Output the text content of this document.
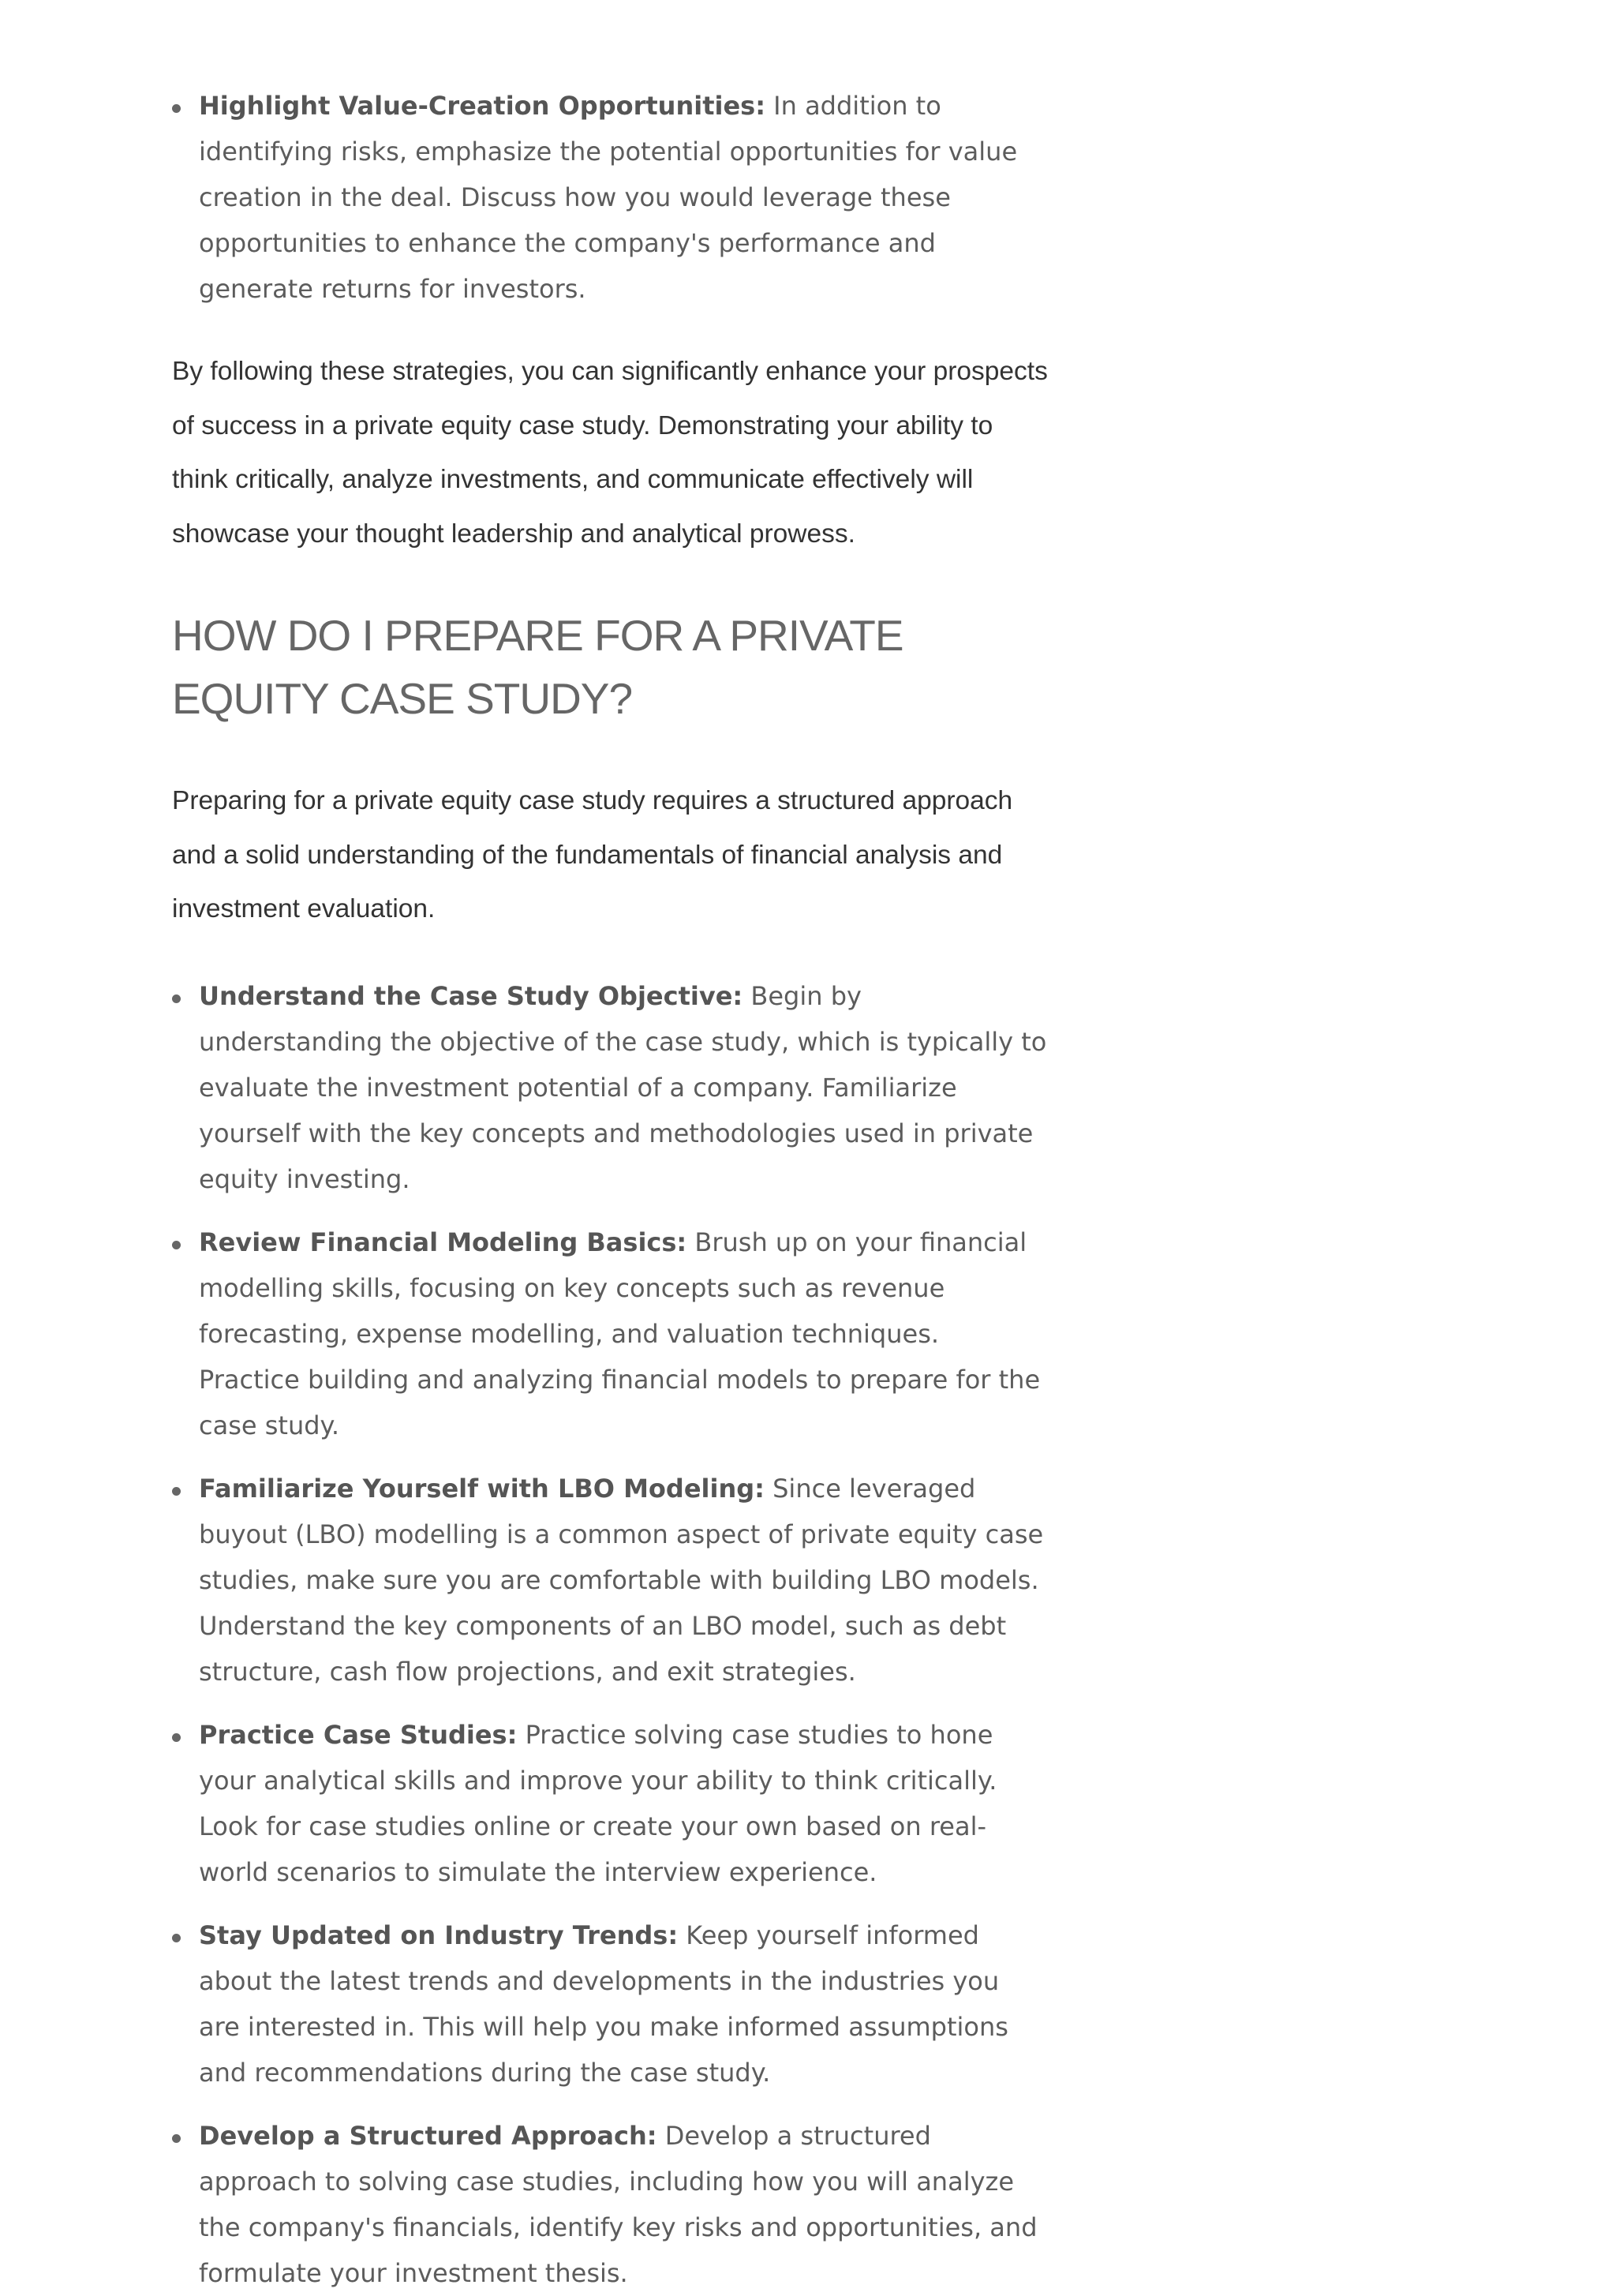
Highlight Value-Creation Opportunities: In addition to identifying risks, emphasize the potential opportunities for value creation in the deal. Discuss how you would leverage these opportunities to enhance the company's performance and generate returns for investors.

By following these strategies, you can significantly enhance your prospects of success in a private equity case study. Demonstrating your ability to think critically, analyze investments, and communicate effectively will showcase your thought leadership and analytical prowess.

HOW DO I PREPARE FOR A PRIVATE EQUITY CASE STUDY?

Preparing for a private equity case study requires a structured approach and a solid understanding of the fundamentals of financial analysis and investment evaluation.

Understand the Case Study Objective: Begin by understanding the objective of the case study, which is typically to evaluate the investment potential of a company. Familiarize yourself with the key concepts and methodologies used in private equity investing.
Review Financial Modeling Basics: Brush up on your financial modelling skills, focusing on key concepts such as revenue forecasting, expense modelling, and valuation techniques. Practice building and analyzing financial models to prepare for the case study.
Familiarize Yourself with LBO Modeling: Since leveraged buyout (LBO) modelling is a common aspect of private equity case studies, make sure you are comfortable with building LBO models. Understand the key components of an LBO model, such as debt structure, cash flow projections, and exit strategies.
Practice Case Studies: Practice solving case studies to hone your analytical skills and improve your ability to think critically. Look for case studies online or create your own based on real-world scenarios to simulate the interview experience.
Stay Updated on Industry Trends: Keep yourself informed about the latest trends and developments in the industries you are interested in. This will help you make informed assumptions and recommendations during the case study.
Develop a Structured Approach: Develop a structured approach to solving case studies, including how you will analyze the company's financials, identify key risks and opportunities, and formulate your investment thesis.
